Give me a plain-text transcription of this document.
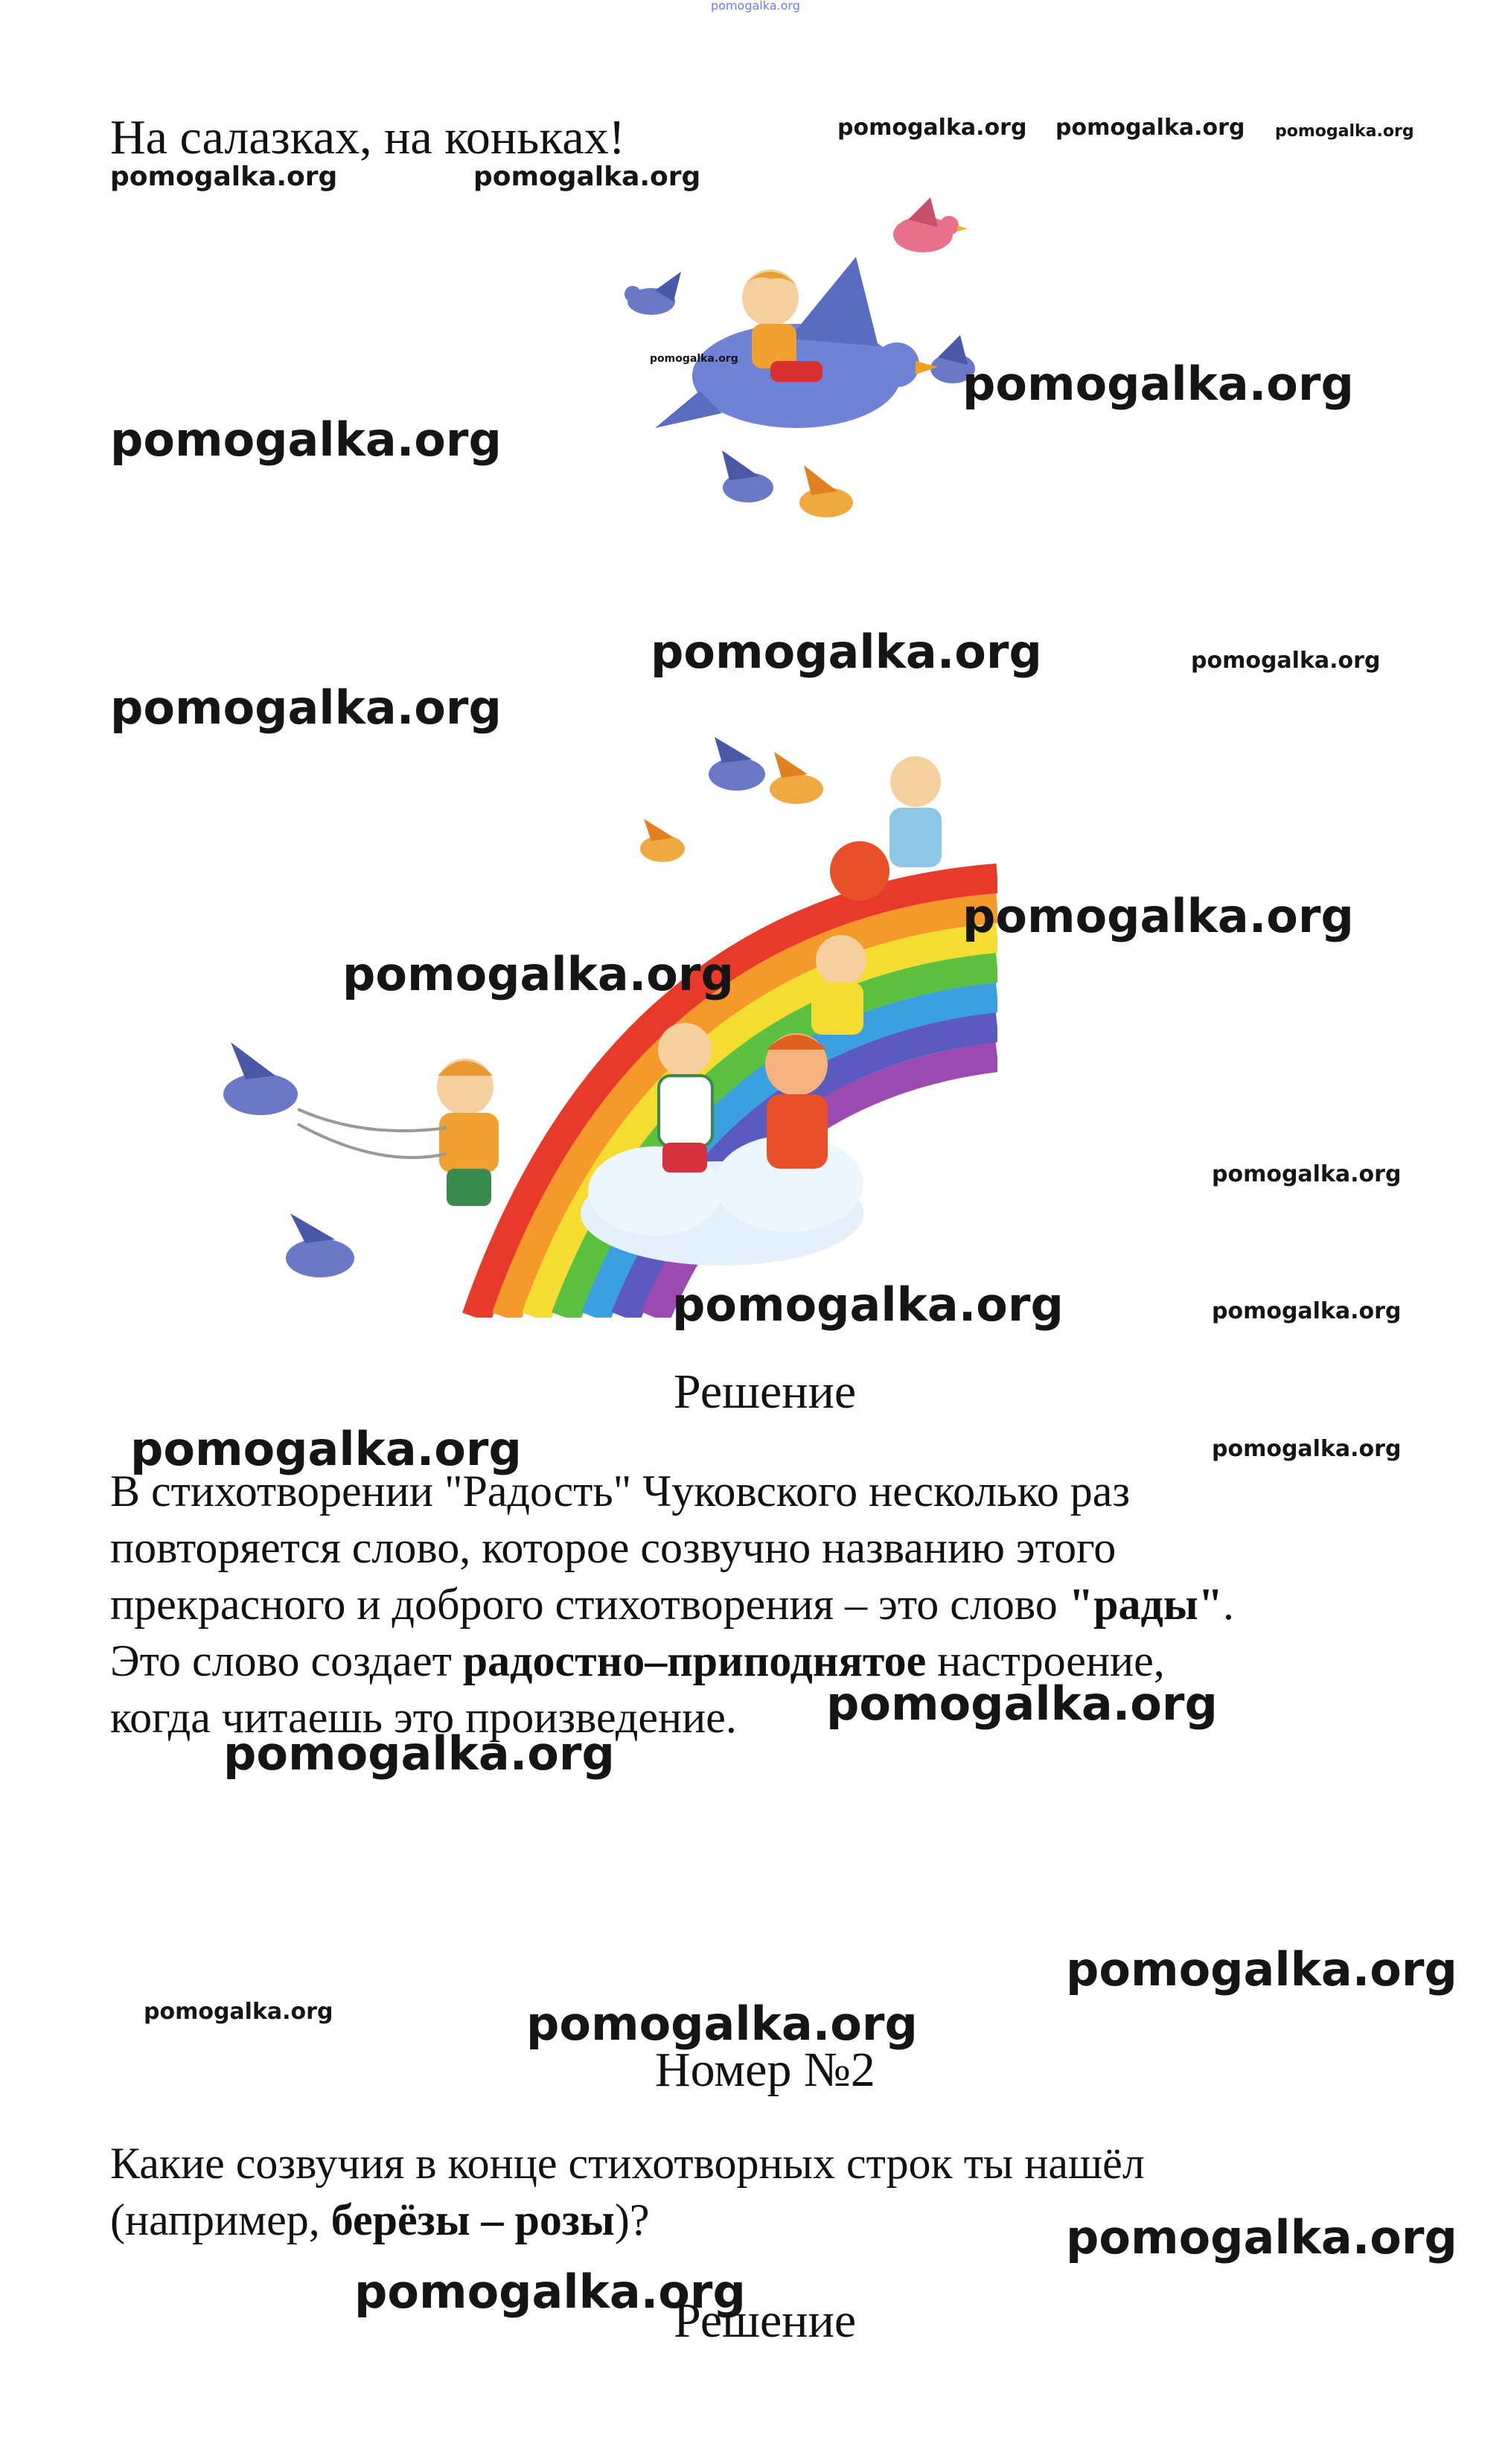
pomogalka.org
На салазках, на коньках!	pomogalka.org pomogalka.org pomogalka.org
pomogalka.org	pomogalka.org
pomogalka.org	pomogalka.org
pomogalka.org
pomogalka.org	pomogalka.org
pomogalka.org
pomogalka.org
pomogalka.org
pomogalka.org
pomogalka.org	pomogalka.org
Решение
pomogalka.org	pomogalka.org

В стихотворении "Радость" Чуковского несколько раз

повторяется слово, которое созвучно названию этого

прекрасного и доброго стихотворения – это слово "рады".

Это слово создает радостно–приподнятое настроение,

когда читаешь это произведение.	pomogalka.org
pomogalka.org
pomogalka.org
pomogalka.org	pomogalka.org
Номер №2

Какие созвучия в конце стихотворных строк ты нашёл

(например, берёзы – розы)?	pomogalka.org
pomogalka.org
Решение
